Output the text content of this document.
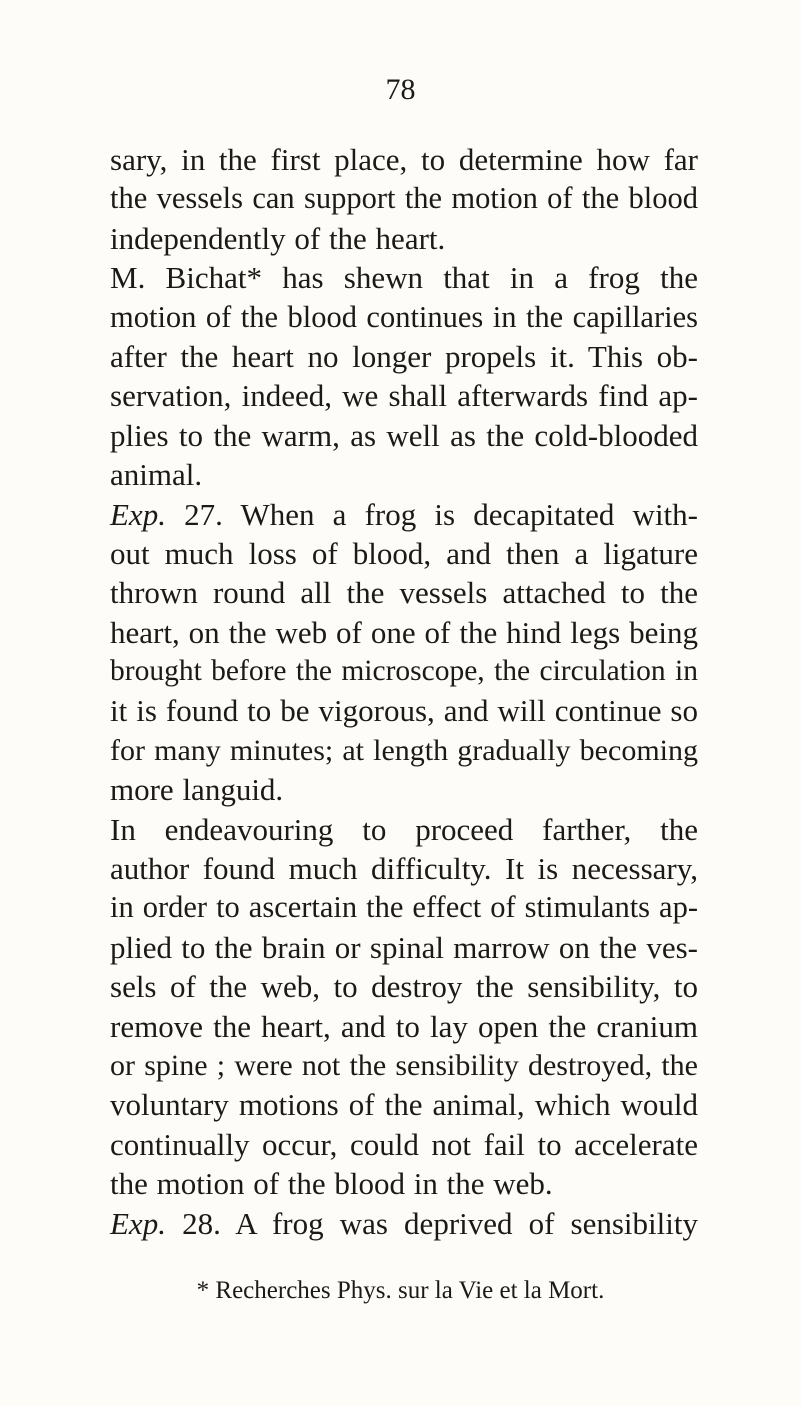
78
sary, in the first place, to determine how far
the vessels can support the motion of the blood
independently of the heart.
M. Bichat* has shewn that in a frog the
motion of the blood continues in the capillaries
after the heart no longer propels it. This ob-
servation, indeed, we shall afterwards find ap-
plies to the warm, as well as the cold-blooded
animal.
Exp. 27. When a frog is decapitated with-
out much loss of blood, and then a ligature
thrown round all the vessels attached to the
heart, on the web of one of the hind legs being
brought before the microscope, the circulation in
it is found to be vigorous, and will continue so
for many minutes; at length gradually becoming
more languid.
In endeavouring to proceed farther, the
author found much difficulty. It is necessary,
in order to ascertain the effect of stimulants ap-
plied to the brain or spinal marrow on the ves-
sels of the web, to destroy the sensibility, to
remove the heart, and to lay open the cranium
or spine ; were not the sensibility destroyed, the
voluntary motions of the animal, which would
continually occur, could not fail to accelerate
the motion of the blood in the web.
Exp. 28. A frog was deprived of sensibility
* Recherches Phys. sur la Vie et la Mort.
